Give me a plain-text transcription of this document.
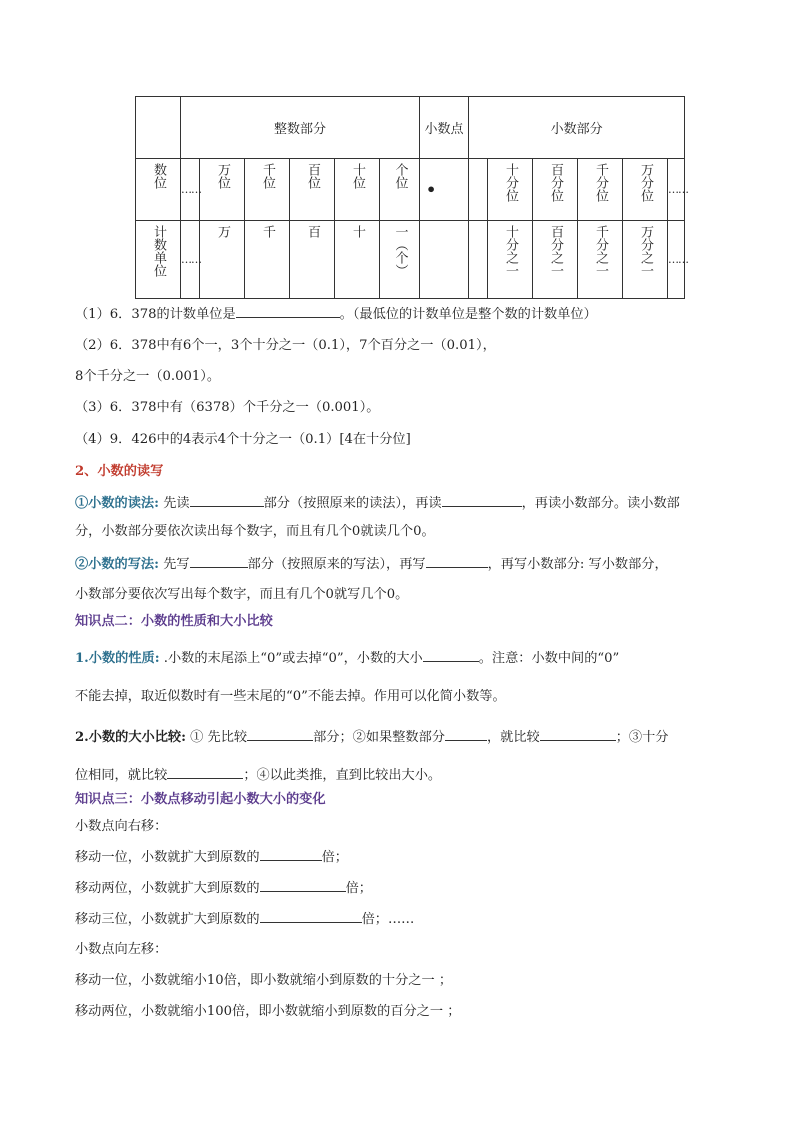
	整数部分						小数点	小数部分					
数位	……	万位	千位	百位	十位	个位	•		十分位	百分位	千分位	万分位	……
计数单位	……	万	千	百	十	一（个）			十分之一	百分之一	千分之一	万分之一	……
（1）6．378的计数单位是	。（最低位的计数单位是整个数的计数单位）
（2）6．378中有6个一，3个十分之一（0.1），7个百分之一（0.01），
8个千分之一（0.001）。
（3）6．378中有（6378）个千分之一（0.001）。
（4）9．426中的4表示4个十分之一（0.1）[4在十分位]
2、小数的读写
①小数的读法: 先读	部分（按照原来的读法），再读	，再读小数部分。读小数部
分，小数部分要依次读出每个数字，而且有几个0就读几个0。
②小数的写法: 先写	部分（按照原来的写法），再写	，再写小数部分: 写小数部分，
小数部分要依次写出每个数字，而且有几个0就写几个0。
知识点二：小数的性质和大小比较
1.小数的性质: .小数的末尾添上“0”或去掉“0”，小数的大小	。注意：小数中间的“0”
不能去掉，取近似数时有一些末尾的“0”不能去掉。作用可以化简小数等。
2.小数的大小比较: ① 先比较	部分；②如果整数部分	，就比较	；③十分
位相同，就比较	；④以此类推，直到比较出大小。
知识点三：小数点移动引起小数大小的变化
小数点向右移：
移动一位，小数就扩大到原数的	倍；
移动两位，小数就扩大到原数的	倍；
移动三位，小数就扩大到原数的	倍；……
小数点向左移：
移动一位，小数就缩小10倍，即小数就缩小到原数的十分之一 ；
移动两位，小数就缩小100倍，即小数就缩小到原数的百分之一 ；
